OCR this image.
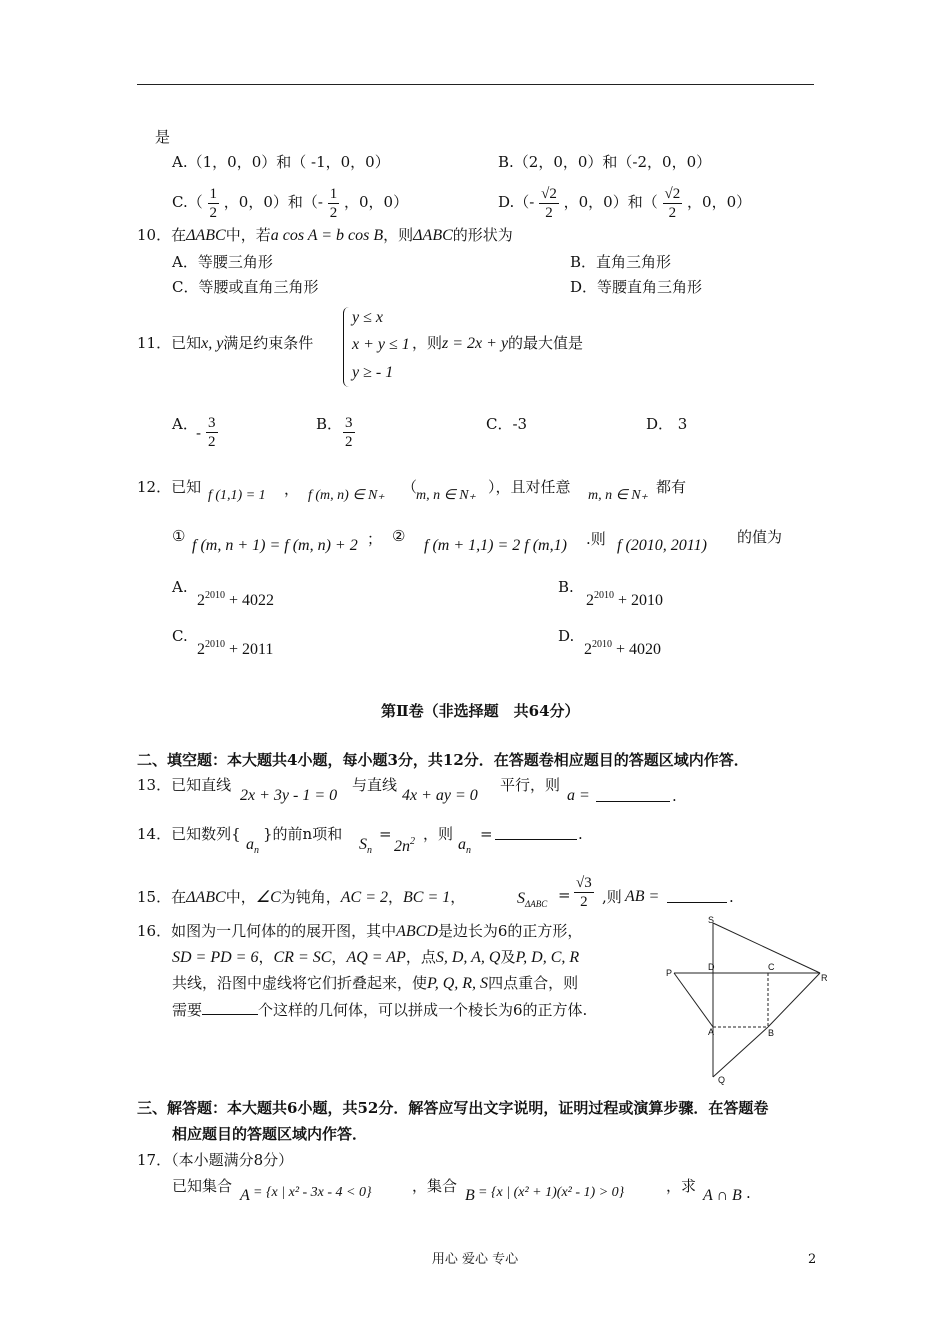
是
A.（1，0，0）和（ -1，0，0）	B.（2，0，0）和（-2，0，0）
$C.( \frac{1}{2}$ ，0，0）和（- $\frac{1}{2}$ ，0，0）	$D.(- \frac{√2}{2}$ ，0，0）和（ $\frac{√2}{2}$ ，0，0）
10．在ΔABC中，若a cos A = b cos B，则ΔABC的形状为
A．等腰三角形	B．直角三角形
C．等腰或直角三角形	D．等腰直角三角形
11．已知x, y满足约束条件
y ≤ x
x + y ≤ 1
y ≥ - 1
，则z = 2x + y的最大值是
A．
- $\frac{3}{2}$	B． $\frac{3}{2}$	C．-3	D． 3
12．已知 f (1,1) = 1 ， f (m, n) ∈ N₊ （
m, n ∈ N₊ ），且对任意 m, n ∈ N₊ 都有
①
f (m, n + 1) = f (m, n) + 2 ； ②
f (m + 1,1) = 2 f (m,1) .则 f (2010, 2011) 的值为
A.
$2^{2010} + 4022$
B.
$2^{2010} + 2010$
C.
$2^{2010} + 2011$
D.
$2^{2010} + 4020$
第Ⅱ卷（非选择题　共64分）
二、填空题：本大题共4小题，每小题3分，共12分．在答题卷相应题目的答题区域内作答．
13．已知直线
2x + 3y - 1 = 0
与直线
4x + ay = 0
平行，则
a =	.
14．已知数列{
$a_n$
}的前n项和
$S_n$
=
$2n^2$ ，则
$a_n$
=	.
15．在ΔABC中，∠C为钝角，AC = 2，BC = 1，	$S_{\Delta ABC} = \frac{√3}{2}$ ,则 AB =	.
16．如图为一几何体的的展开图，其中ABCD是边长为6的正方形，
SD = PD = 6，CR = SC，AQ = AP，点S, D, A, Q及P, D, C, R
共线，沿图中虚线将它们折叠起来，使P, Q, R, S四点重合，则
需要	个这样的几何体，可以拼成一个棱长为6的正方体.
S
P
D	C
R
A	B
Q
三、解答题：本大题共6小题，共52分．解答应写出文字说明，证明过程或演算步骤．在答题卷
相应题目的答题区域内作答．
17．（本小题满分8分）
已知集合
A = {x | x² - 3x - 4 < 0}	，集合
B = {x | (x² + 1)(x² - 1) > 0}	，求
A ∩ B .
用心 爱心 专心	2
